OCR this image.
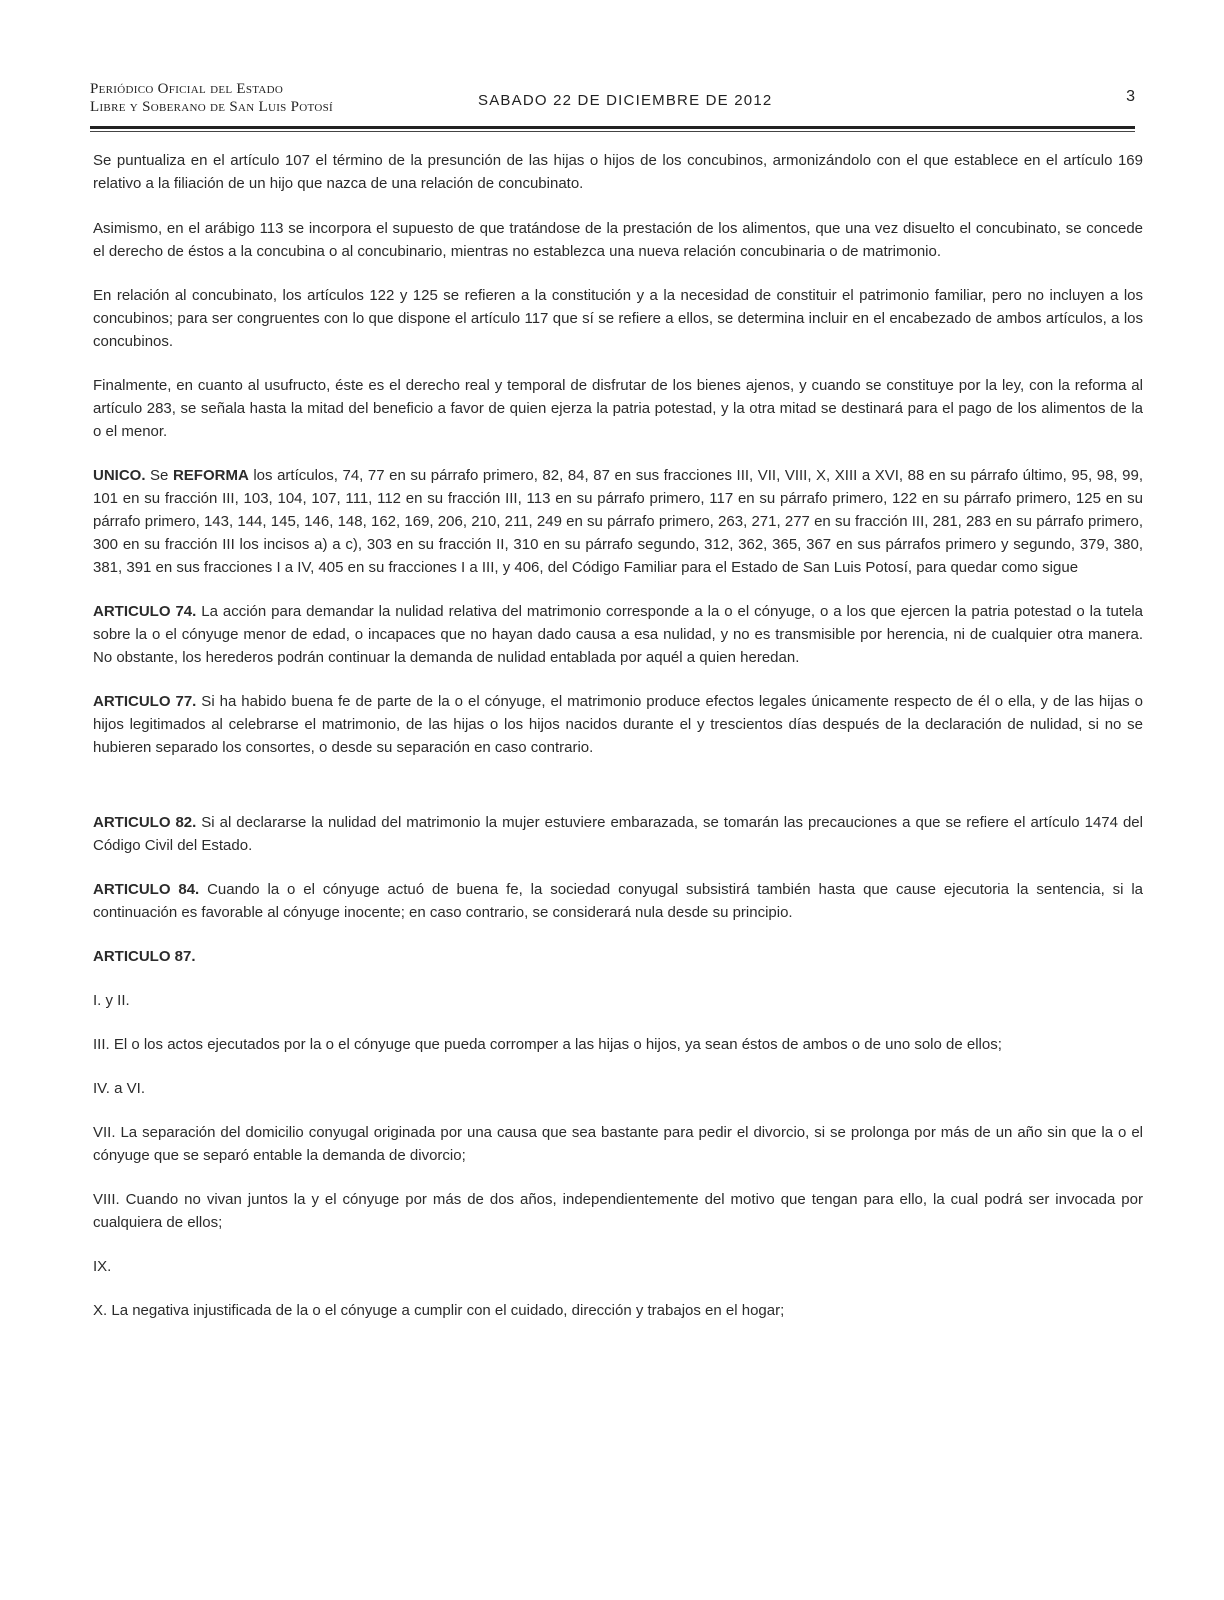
Periódico Oficial del Estado
Libre y Soberano de San Luis Potosí	SABADO 22 DE DICIEMBRE DE 2012	3

Se puntualiza en el artículo 107 el término de la presunción de las hijas o hijos de los concubinos, armonizándolo con el que establece en el artículo 169 relativo a la filiación de un hijo que nazca de una relación de concubinato.

Asimismo, en el arábigo 113 se incorpora el supuesto de que tratándose de la prestación de los alimentos, que una vez disuelto el concubinato, se concede el derecho de éstos a la concubina o al concubinario, mientras no establezca una nueva relación concubinaria o de matrimonio.

En relación al concubinato, los artículos 122 y 125 se refieren a la constitución y a la necesidad de constituir el patrimonio familiar, pero no incluyen a los concubinos; para ser congruentes con lo que dispone el artículo 117 que sí se refiere a ellos, se determina incluir en el encabezado de ambos artículos, a los concubinos.

Finalmente, en cuanto al usufructo, éste es el derecho real y temporal de disfrutar de los bienes ajenos, y cuando se constituye por la ley, con la reforma al artículo 283, se señala hasta la mitad del beneficio a favor de quien ejerza la patria potestad, y la otra mitad se destinará para el pago de los alimentos de la o el menor.

UNICO. Se REFORMA los artículos, 74, 77 en su párrafo primero, 82, 84, 87 en sus fracciones III, VII, VIII, X, XIII a XVI, 88 en su párrafo último, 95, 98, 99, 101 en su fracción III, 103, 104, 107, 111, 112 en su fracción III, 113 en su párrafo primero, 117 en su párrafo primero, 122 en su párrafo primero, 125 en su párrafo primero, 143, 144, 145, 146, 148, 162, 169, 206, 210, 211, 249 en su párrafo primero, 263, 271, 277 en su fracción III, 281, 283 en su párrafo primero, 300 en su fracción III los incisos a) a c), 303 en su fracción II, 310 en su párrafo segundo, 312, 362, 365, 367 en sus párrafos primero y segundo, 379, 380, 381, 391 en sus fracciones I a IV, 405 en su fracciones I a III, y 406, del Código Familiar para el Estado de San Luis Potosí, para quedar como sigue

ARTICULO 74. La acción para demandar la nulidad relativa del matrimonio corresponde a la o el cónyuge, o a los que ejercen la patria potestad o la tutela sobre la o el cónyuge menor de edad, o incapaces que no hayan dado causa a esa nulidad, y no es transmisible por herencia, ni de cualquier otra manera. No obstante, los herederos podrán continuar la demanda de nulidad entablada por aquél a quien heredan.

ARTICULO 77. Si ha habido buena fe de parte de la o el cónyuge, el matrimonio produce efectos legales únicamente respecto de él o ella, y de las hijas o hijos legitimados al celebrarse el matrimonio, de las hijas o los hijos nacidos durante el y trescientos días después de la declaración de nulidad, si no se hubieren separado los consortes, o desde su separación en caso contrario.

ARTICULO 82. Si al declararse la nulidad del matrimonio la mujer estuviere embarazada, se tomarán las precauciones a que se refiere el artículo 1474 del Código Civil del Estado.

ARTICULO 84. Cuando la o el cónyuge actuó de buena fe, la sociedad conyugal subsistirá también hasta que cause ejecutoria la sentencia, si la continuación es favorable al cónyuge inocente; en caso contrario, se considerará nula desde su principio.

ARTICULO 87.

I. y II.

III. El o los actos ejecutados por la o el cónyuge que pueda corromper a las hijas o hijos, ya sean éstos de ambos o de uno solo de ellos;

IV. a VI.

VII. La separación del domicilio conyugal originada por una causa que sea bastante para pedir el divorcio, si se prolonga por más de un año sin que la o el cónyuge que se separó entable la demanda de divorcio;

VIII. Cuando no vivan juntos la y el cónyuge por más de dos años, independientemente del motivo que tengan para ello, la cual podrá ser invocada por cualquiera de ellos;

IX.

X. La negativa injustificada de la o el cónyuge a cumplir con el cuidado, dirección y trabajos en el hogar;
